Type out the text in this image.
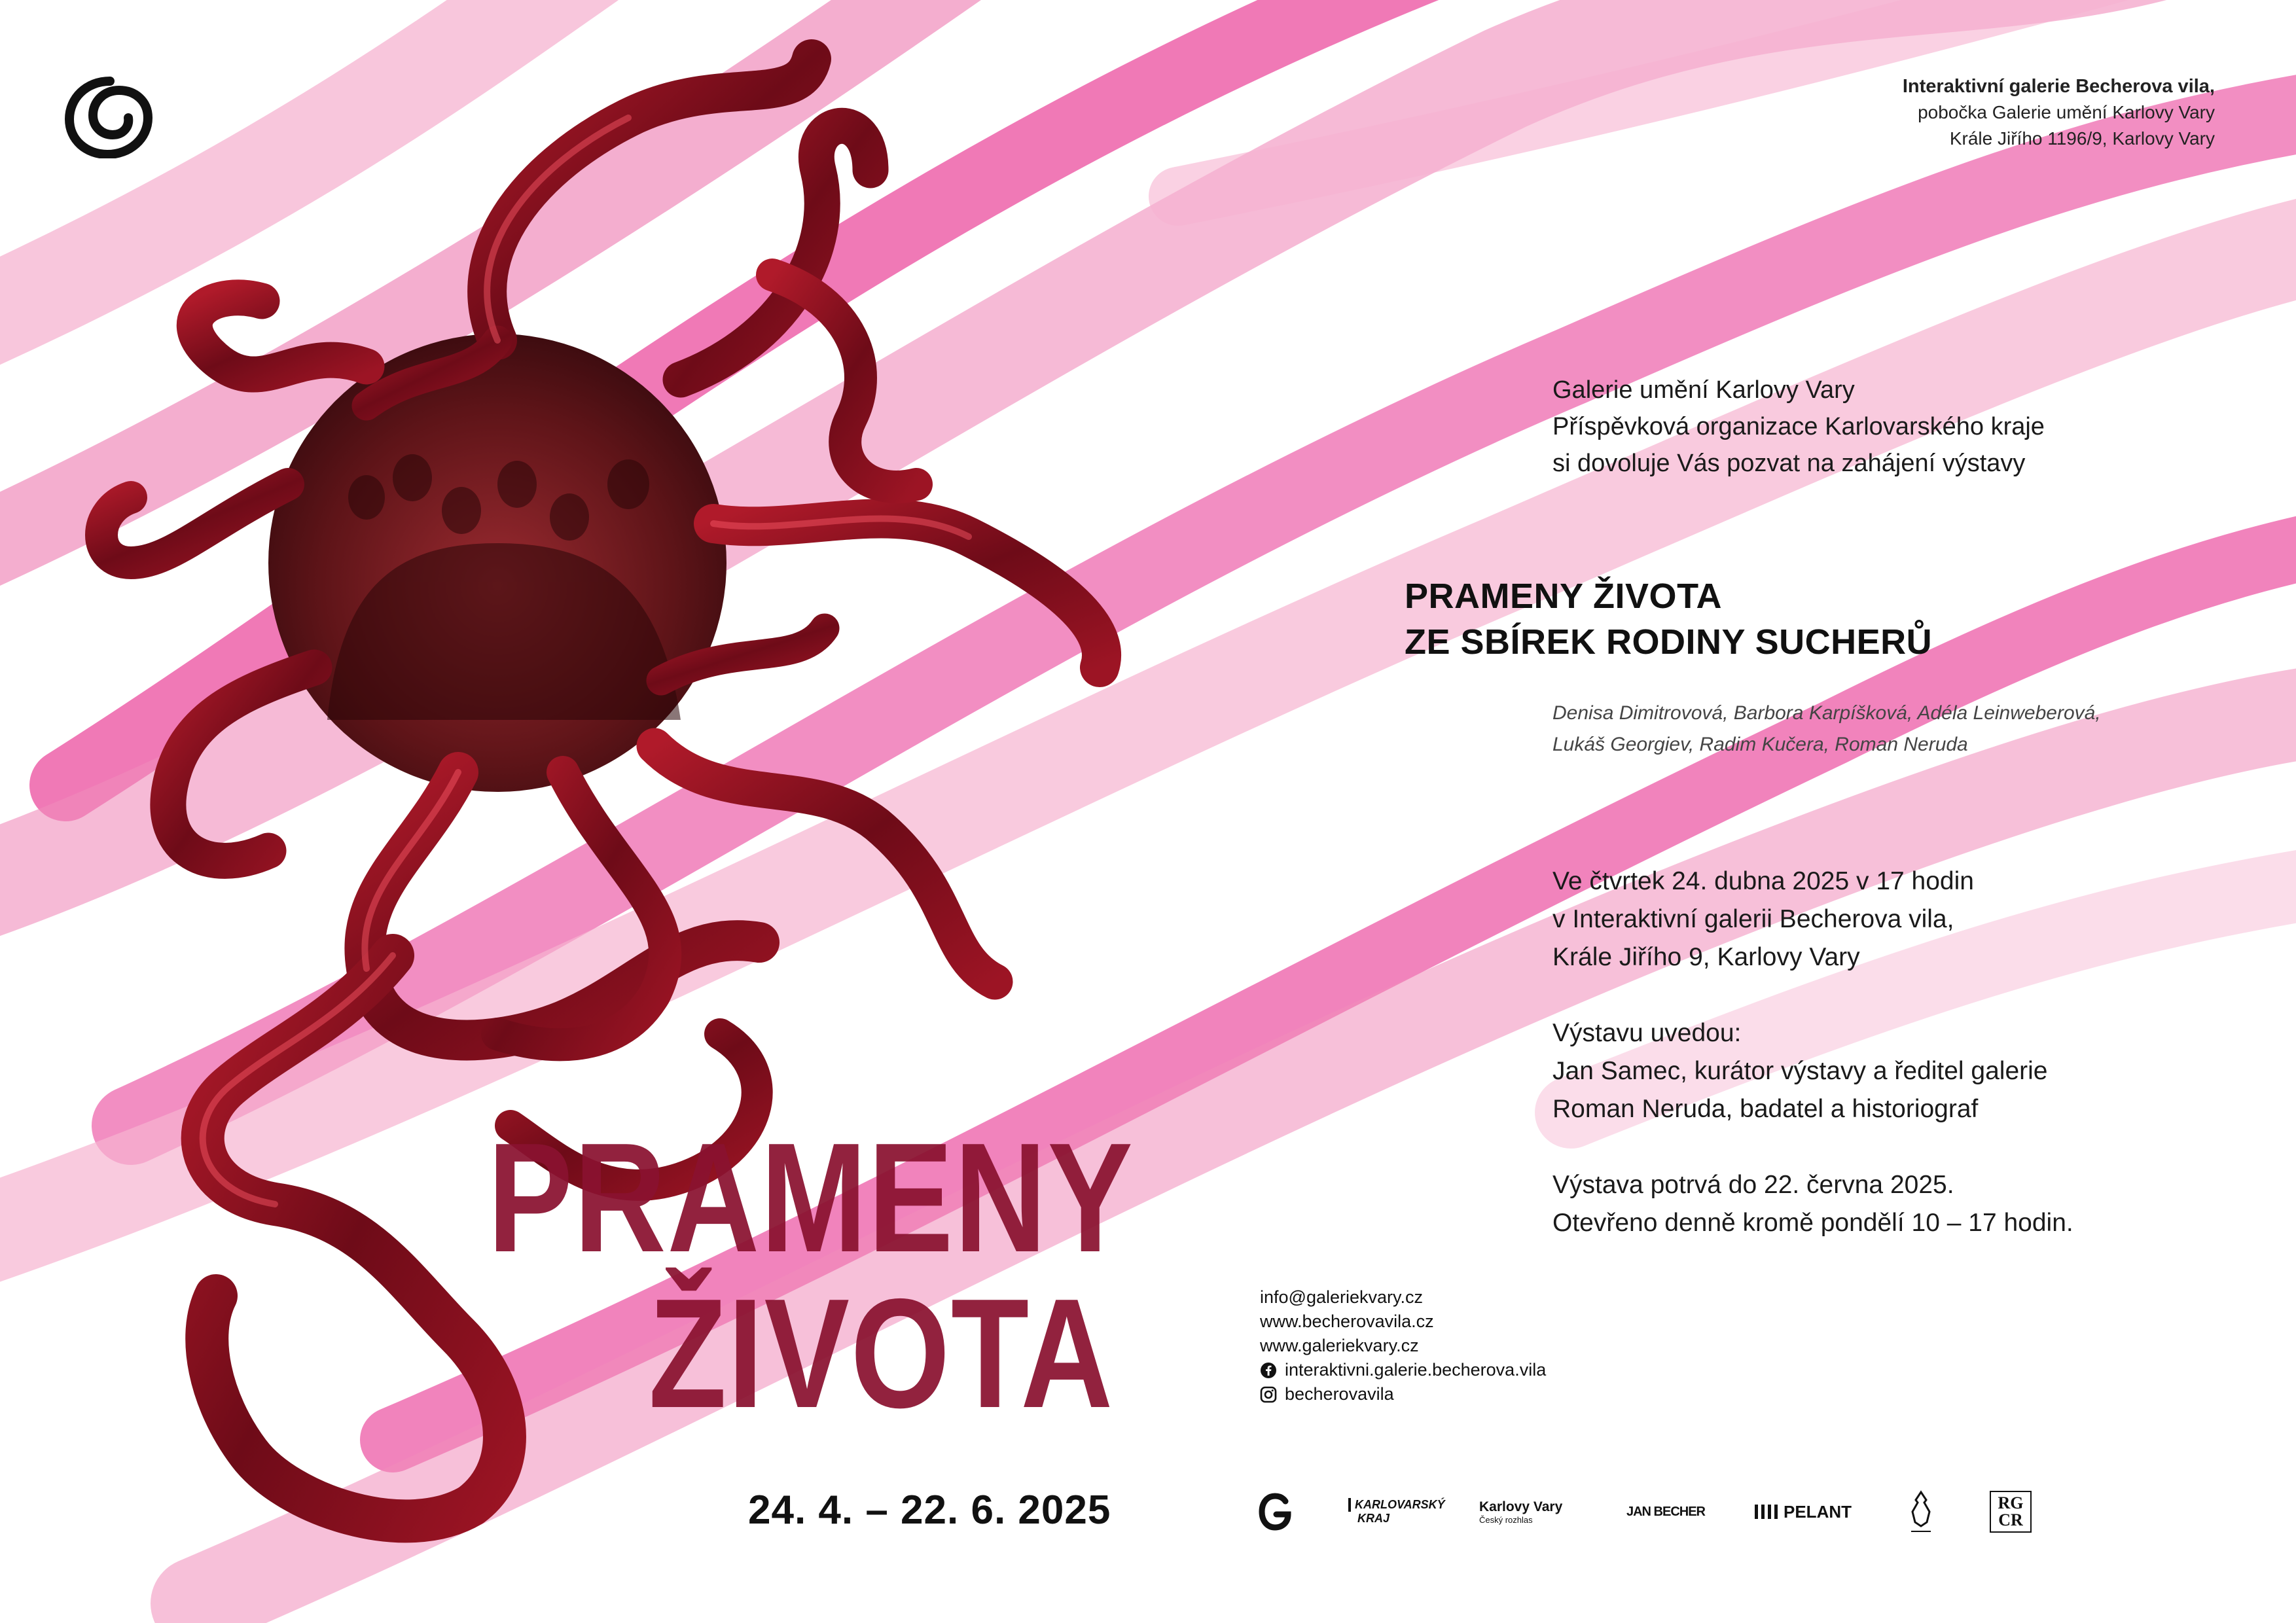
Interaktivní galerie Becherova vila,
pobočka Galerie umění Karlovy Vary
Krále Jiřího 1196/9, Karlovy Vary
Galerie umění Karlovy Vary
Příspěvková organizace Karlovarského kraje
si dovoluje Vás pozvat na zahájení výstavy
PRAMENY ŽIVOTA
ZE SBÍREK RODINY SUCHERŮ
Denisa Dimitrovová, Barbora Karpíšková, Adéla Leinweberová,
Lukáš Georgiev, Radim Kučera, Roman Neruda

Ve čtvrtek 24. dubna 2025 v 17 hodin
v Interaktivní galerii Becherova vila,
Krále Jiřího 9, Karlovy Vary

Výstavu uvedou:
Jan Samec, kurátor výstavy a ředitel galerie
Roman Neruda, badatel a historiograf

Výstava potrvá do 22. června 2025.
Otevřeno denně kromě pondělí 10 – 17 hodin.

PRAMENY
ŽIVOTA
24. 4. – 22. 6. 2025
info@galeriekvary.cz
www.becherovavila.cz
www.galeriekvary.cz
interaktivni.galerie.becherova.vila
becherovavila
KARLOVARSKÝ
KRAJ
Karlovy Vary
Český rozhlas
JAN BECHER	PELANT	RG
CR
